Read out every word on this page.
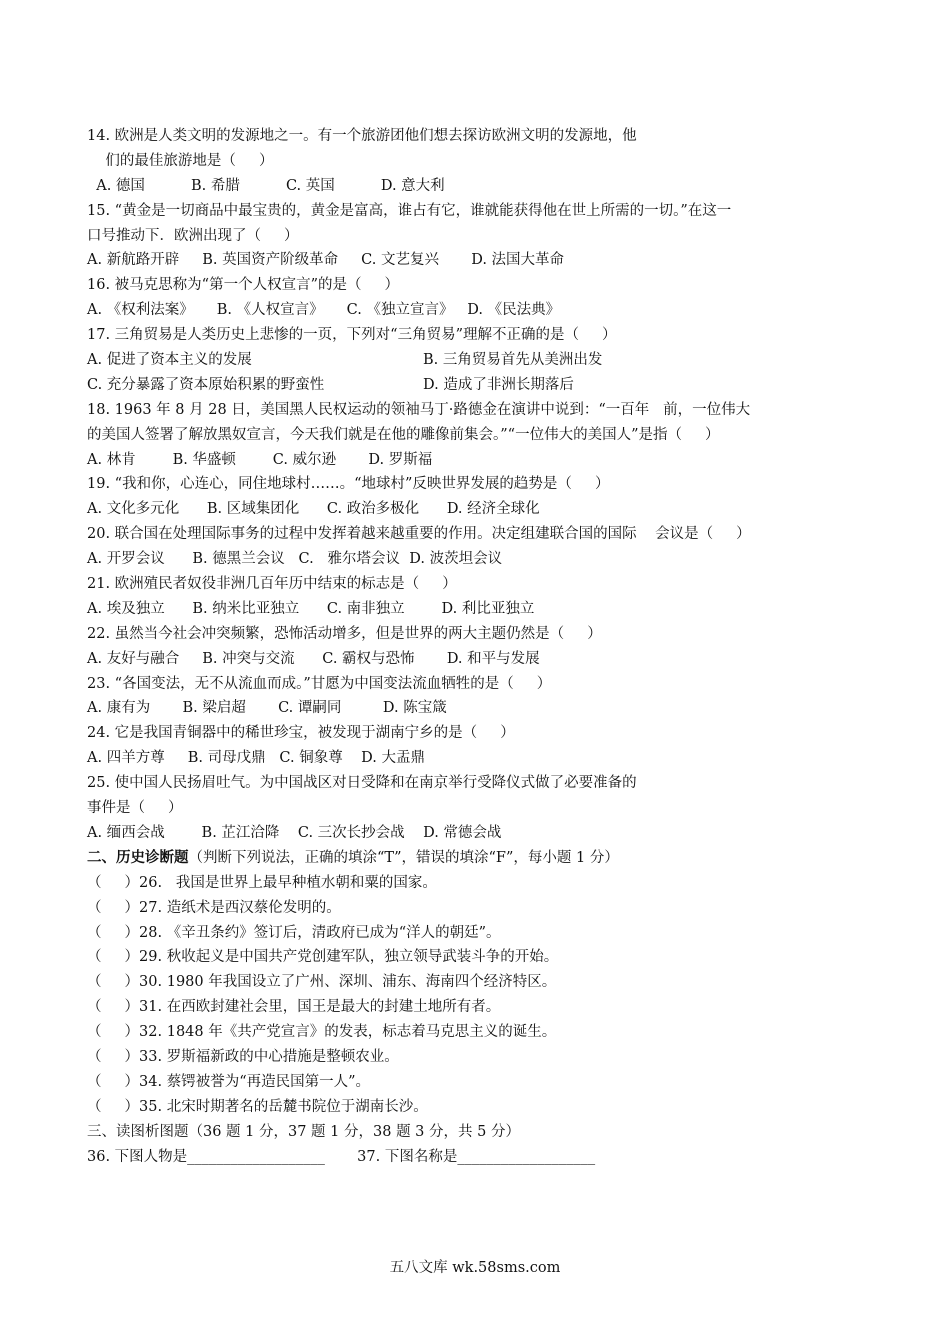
14. 欧洲是人类文明的发源地之一。有一个旅游团他们想去探访欧洲文明的发源地，他
们的最佳旅游地是（     ）
A. 德国          B. 希腊          C. 英国          D. 意大利
15. “黄金是一切商品中最宝贵的，黄金是富高，谁占有它，谁就能获得他在世上所需的一切。”在这一
口号推动下．欧洲出现了（     ）
A. 新航路开辟     B. 英国资产阶级革命     C. 文艺复兴       D. 法国大革命
16. 被马克思称为“第一个人权宣言”的是（     ）
A. 《权利法案》     B. 《人权宣言》     C. 《独立宣言》   D. 《民法典》
17. 三角贸易是人类历史上悲惨的一页，下列对“三角贸易”理解不正确的是（     ）
A. 促进了资本主义的发展	B. 三角贸易首先从美洲出发
C. 充分暴露了资本原始积累的野蛮性	D. 造成了非洲长期落后
18. 1963 年 8 月 28 日，美国黑人民权运动的领袖马丁·路德金在演讲中说到：“一百年   前，一位伟大
的美国人签署了解放黑奴宣言，今天我们就是在他的雕像前集会。”“一位伟大的美国人”是指（     ）
A. 林肯        B. 华盛顿        C. 威尔逊       D. 罗斯福
19. “我和你，心连心，同住地球村……。“地球村”反映世界发展的趋势是（     ）
A. 文化多元化      B. 区域集团化      C. 政治多极化      D. 经济全球化
20. 联合国在处理国际事务的过程中发挥着越来越重要的作用。决定组建联合国的国际    会议是（     ）
A. 开罗会议      B. 德黑兰会议   C.   雅尔塔会议  D. 波茨坦会议
21. 欧洲殖民者奴役非洲几百年历中结束的标志是（     ）
A. 埃及独立      B. 纳米比亚独立      C. 南非独立        D. 利比亚独立
22. 虽然当今社会冲突频繁，恐怖活动增多，但是世界的两大主题仍然是（     ）
A. 友好与融合     B. 冲突与交流      C. 霸权与恐怖       D. 和平与发展
23. “各国变法，无不从流血而成。”甘愿为中国变法流血牺牲的是（     ）
A. 康有为       B. 梁启超       C. 谭嗣同         D. 陈宝箴
24. 它是我国青铜器中的稀世珍宝，被发现于湖南宁乡的是（     ）
A. 四羊方尊     B. 司母戊鼎   C. 铜象尊    D. 大盂鼎
25. 使中国人民扬眉吐气。为中国战区对日受降和在南京举行受降仪式做了必要准备的
事件是（     ）
A. 缅西会战        B. 芷江洽降    C. 三次长抄会战    D. 常德会战
二、历史诊断题（判断下列说法，正确的填涂“T”，错误的填涂“F”，每小题 1 分）
（     ）26.   我国是世界上最早种植水朝和粟的国家。
（     ）27. 造纸术是西汉蔡伦发明的。
（     ）28. 《辛丑条约》签订后，清政府已成为“洋人的朝廷”。
（     ）29. 秋收起义是中国共产党创建军队，独立领导武装斗争的开始。
（     ）30. 1980 年我国设立了广州、深圳、浦东、海南四个经济特区。
（     ）31. 在西欧封建社会里，国王是最大的封建土地所有者。
（     ）32. 1848 年《共产党宣言》的发表，标志着马克思主义的诞生。
（     ）33. 罗斯福新政的中心措施是整顿农业。
（     ）34. 蔡锷被誉为“再造民国第一人”。
（     ）35. 北宋时期著名的岳麓书院位于湖南长沙。
三、读图析图题（36 题 1 分，37 题 1 分，38 题 3 分，共 5 分）
36. 下图人物是___________________       37. 下图名称是___________________
五八文库 wk.58sms.com
